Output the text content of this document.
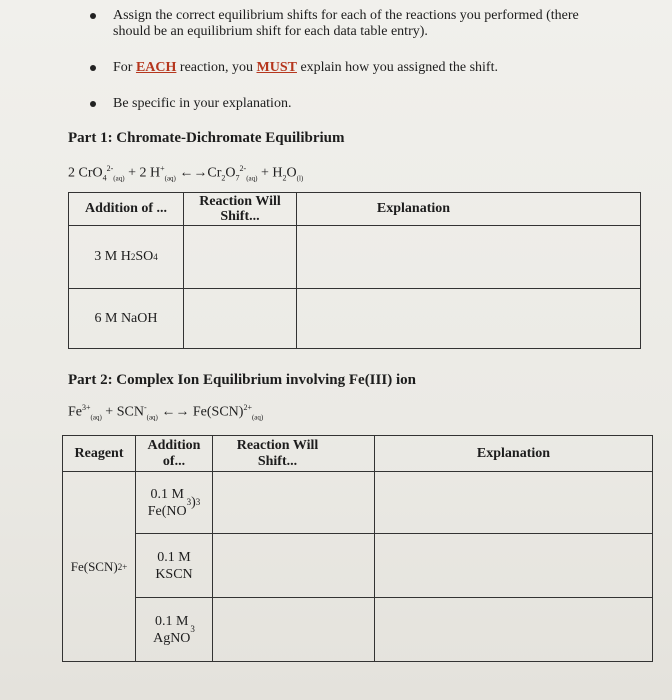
Assign the correct equilibrium shifts for each of the reactions you performed (there
should be an equilibrium shift for each data table entry).
For EACH reaction, you MUST explain how you assigned the shift.
Be specific in your explanation.
Part 1: Chromate-Dichromate Equilibrium
2 CrO$_4^{2-}_{(aq)}$ + 2 $H^+_{(aq)}$ $\leftarrow\to Cr_2O_7^{2-}_{(aq)} + H_2O_{(l)}$
Addition of ...	Reaction Will Shift...	Explanation

3 M H 2 SO 4		

6 M NaOH		

Part 2: Complex Ion Equilibrium involving Fe(III) ion
$Fe^{3+}_{(aq)} + SCN^-_{(aq)}$ ←→ Fe(SCN)$^{2+}_{(aq)}$
Reagent	Addition of...	Reaction Will Shift...	Explanation

Fe(SCN) 2+	0.1 M
Fe(NO
3 ) 3		

0.1 M
KSCN		

0.1 M
AgNO
3		
